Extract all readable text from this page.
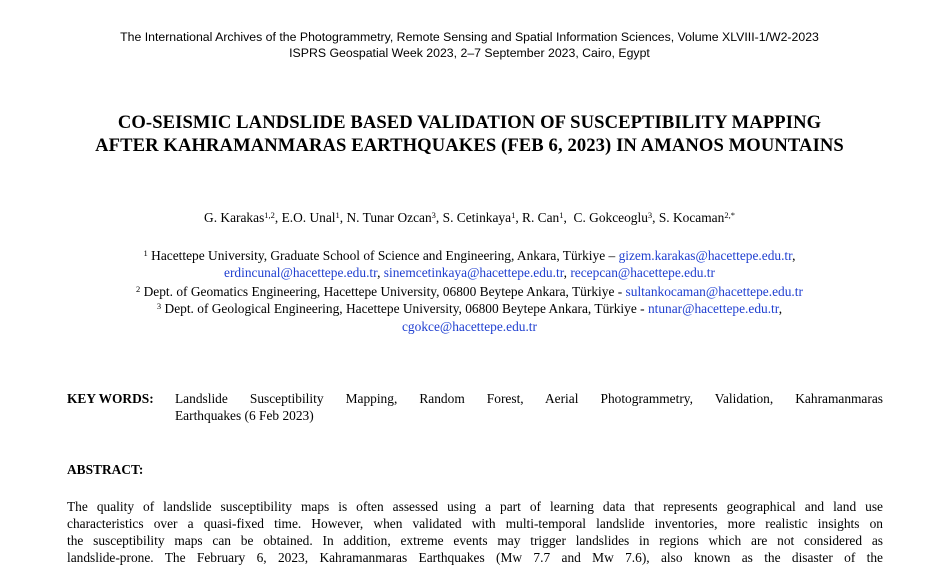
The International Archives of the Photogrammetry, Remote Sensing and Spatial Information Sciences, Volume XLVIII-1/W2-2023
ISPRS Geospatial Week 2023, 2–7 September 2023, Cairo, Egypt
CO-SEISMIC LANDSLIDE BASED VALIDATION OF SUSCEPTIBILITY MAPPING
AFTER KAHRAMANMARAS EARTHQUAKES (FEB 6, 2023) IN AMANOS MOUNTAINS
G. Karakas$^{1,2}$, E.O. Unal$^1$, N. Tunar Ozcan$^3$, S. Cetinkaya$^1$, R. Can$^1$,  C. Gokceoglu$^3$, S. Kocaman$^{2,*}$
$^1$ Hacettepe University, Graduate School of Science and Engineering, Ankara, Türkiye – gizem.karakas@hacettepe.edu.tr,
erdincunal@hacettepe.edu.tr, sinemcetinkaya@hacettepe.edu.tr, recepcan@hacettepe.edu.tr
$^2$ Dept. of Geomatics Engineering, Hacettepe University, 06800 Beytepe Ankara, Türkiye - sultankocaman@hacettepe.edu.tr
$^3$ Dept. of Geological Engineering, Hacettepe University, 06800 Beytepe Ankara, Türkiye - ntunar@hacettepe.edu.tr,
cgokce@hacettepe.edu.tr
KEY WORDS: Landslide Susceptibility Mapping, Random Forest, Aerial Photogrammetry, Validation, Kahramanmaras
Earthquakes (6 Feb 2023)
ABSTRACT:
The quality of landslide susceptibility maps is often assessed using a part of learning data that represents geographical and land use
characteristics over a quasi-fixed time. However, when validated with multi-temporal landslide inventories, more realistic insights on
the susceptibility maps can be obtained. In addition, extreme events may trigger landslides in regions which are not considered as
landslide-prone. The February 6, 2023, Kahramanmaras Earthquakes (Mw 7.7 and Mw 7.6), also known as the disaster of the
